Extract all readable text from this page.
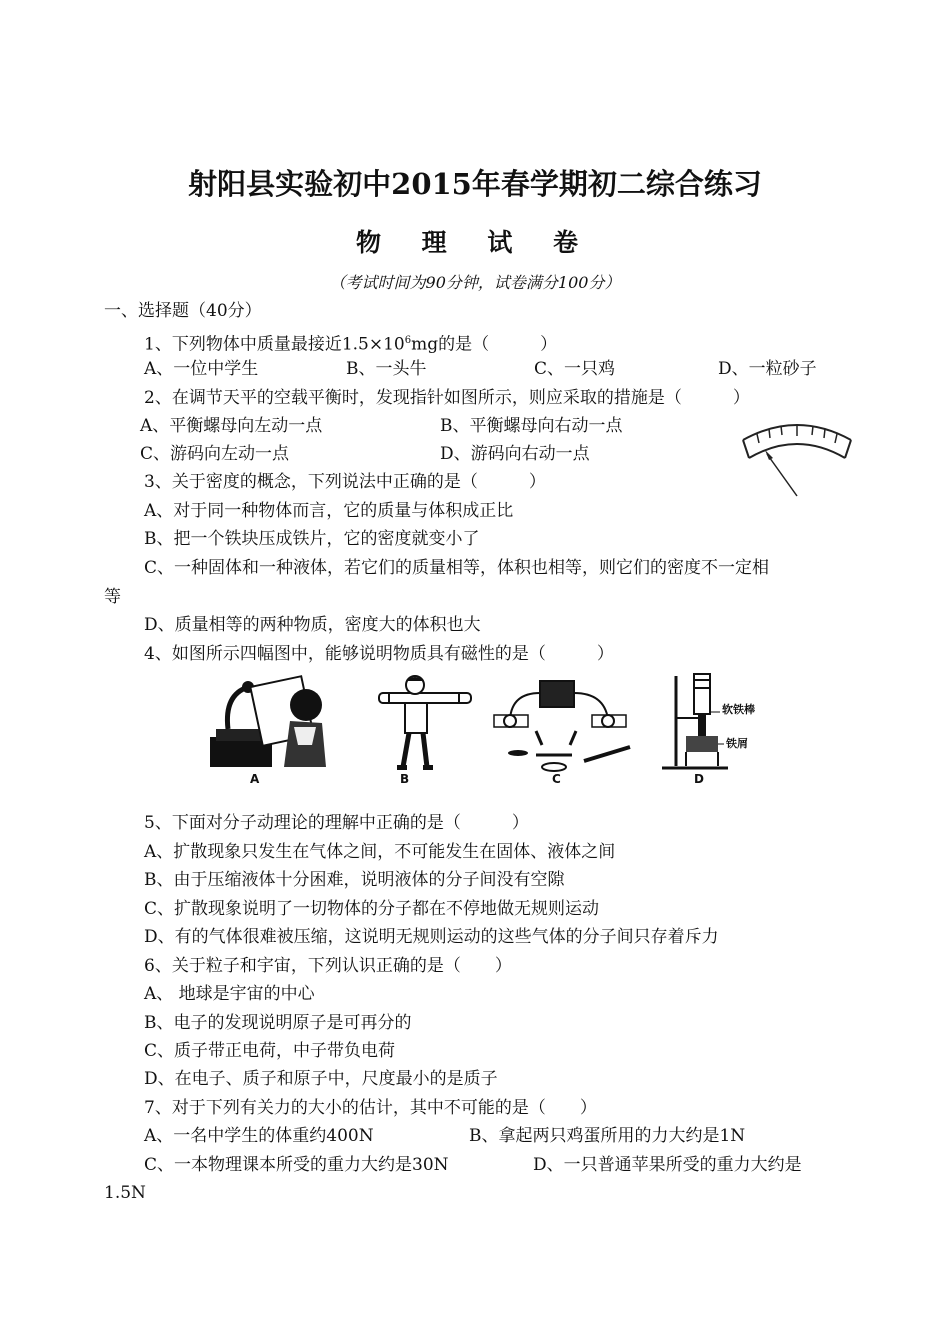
射阳县实验初中2015年春学期初二综合练习
物 理 试 卷
（考试时间为90分钟，试卷满分100分）
一、选择题（40分）
1、下列物体中质量最接近$1.5\times 10^6mg$的是（　　　）
A、一位中学生	B、一头牛	C、一只鸡	D、一粒砂子
2、在调节天平的空载平衡时，发现指针如图所示，则应采取的措施是（　　　）
A、平衡螺母向左动一点	B、平衡螺母向右动一点
C、游码向左动一点	D、游码向右动一点
3、关于密度的概念，下列说法中正确的是（　　　）
A、对于同一种物体而言，它的质量与体积成正比
B、把一个铁块压成铁片，它的密度就变小了
C、一种固体和一种液体，若它们的质量相等，体积也相等，则它们的密度不一定相
等
D、质量相等的两种物质，密度大的体积也大
4、如图所示四幅图中，能够说明物质具有磁性的是（　　　）
A	B	C
软铁棒
铁屑
D
5、下面对分子动理论的理解中正确的是（　　　）
A、扩散现象只发生在气体之间，不可能发生在固体、液体之间
B、由于压缩液体十分困难，说明液体的分子间没有空隙
C、扩散现象说明了一切物体的分子都在不停地做无规则运动
D、有的气体很难被压缩，这说明无规则运动的这些气体的分子间只存着斥力
6、关于粒子和宇宙，下列认识正确的是（　　）
A、 地球是宇宙的中心
B、电子的发现说明原子是可再分的
C、质子带正电荷，中子带负电荷
D、在电子、质子和原子中，尺度最小的是质子
7、对于下列有关力的大小的估计，其中不可能的是（　　）
A、一名中学生的体重约400N	B、拿起两只鸡蛋所用的力大约是1N
C、一本物理课本所受的重力大约是30N	D、一只普通苹果所受的重力大约是
1.5N
